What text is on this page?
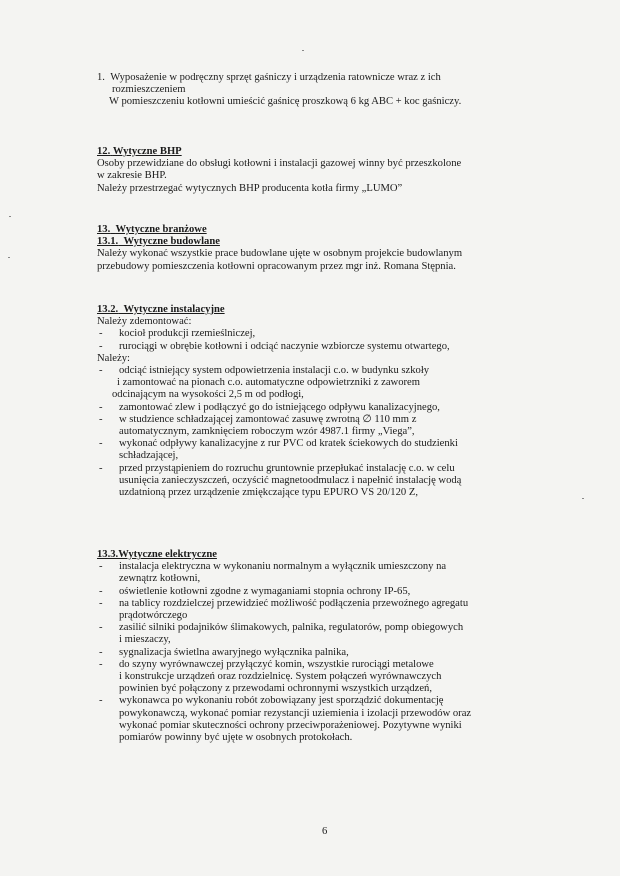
1. Wyposażenie w podręczny sprzęt gaśniczy i urządzenia ratownicze wraz z ich
rozmieszczeniem
W pomieszczeniu kotłowni umieścić gaśnicę proszkową 6 kg ABC + koc gaśniczy.
12. Wytyczne BHP
Osoby przewidziane do obsługi kotłowni i instalacji gazowej winny być przeszkolone
w zakresie BHP.
Należy przestrzegać wytycznych BHP producenta kotła firmy „LUMO”
13. Wytyczne branżowe
13.1. Wytyczne budowlane
Należy wykonać wszystkie prace budowlane ujęte w osobnym projekcie budowlanym
przebudowy pomieszczenia kotłowni opracowanym przez mgr inż. Romana Stępnia.
13.2. Wytyczne instalacyjne
Należy zdemontować:
- kocioł produkcji rzemieślniczej,
- rurociągi w obrębie kotłowni i odciąć naczynie wzbiorcze systemu otwartego,
Należy:
- odciąć istniejący system odpowietrzenia instalacji c.o. w budynku szkoły
i zamontować na pionach c.o. automatyczne odpowietrzniki z zaworem
odcinającym na wysokości 2,5 m od podłogi,
- zamontować zlew i podłączyć go do istniejącego odpływu kanalizacyjnego,
- w studzience schładzającej zamontować zasuwę zwrotną ∅ 110 mm z
automatycznym, zamknięciem roboczym wzór 4987.1 firmy „Viega”,
- wykonać odpływy kanalizacyjne z rur PVC od kratek ściekowych do studzienki
schładzającej,
- przed przystąpieniem do rozruchu gruntownie przepłukać instalację c.o. w celu
usunięcia zanieczyszczeń, oczyścić magnetoodmulacz i napełnić instalację wodą
uzdatnioną przez urządzenie zmiękczające typu EPURO VS 20/120 Z,
13.3.Wytyczne elektryczne
- instalacja elektryczna w wykonaniu normalnym a wyłącznik umieszczony na
zewnątrz kotłowni,
- oświetlenie kotłowni zgodne z wymaganiami stopnia ochrony IP-65,
- na tablicy rozdzielczej przewidzieć możliwość podłączenia przewoźnego agregatu
prądotwórczego
- zasilić silniki podajników ślimakowych, palnika, regulatorów, pomp obiegowych
i mieszaczy,
- sygnalizacja świetlna awaryjnego wyłącznika palnika,
- do szyny wyrównawczej przyłączyć komin, wszystkie rurociągi metalowe
i konstrukcje urządzeń oraz rozdzielnicę. System połączeń wyrównawczych
powinien być połączony z przewodami ochronnymi wszystkich urządzeń,
- wykonawca po wykonaniu robót zobowiązany jest sporządzić dokumentację
powykonawczą, wykonać pomiar rezystancji uziemienia i izolacji przewodów oraz
wykonać pomiar skuteczności ochrony przeciwporażeniowej. Pozytywne wyniki
pomiarów powinny być ujęte w osobnych protokołach.
6
